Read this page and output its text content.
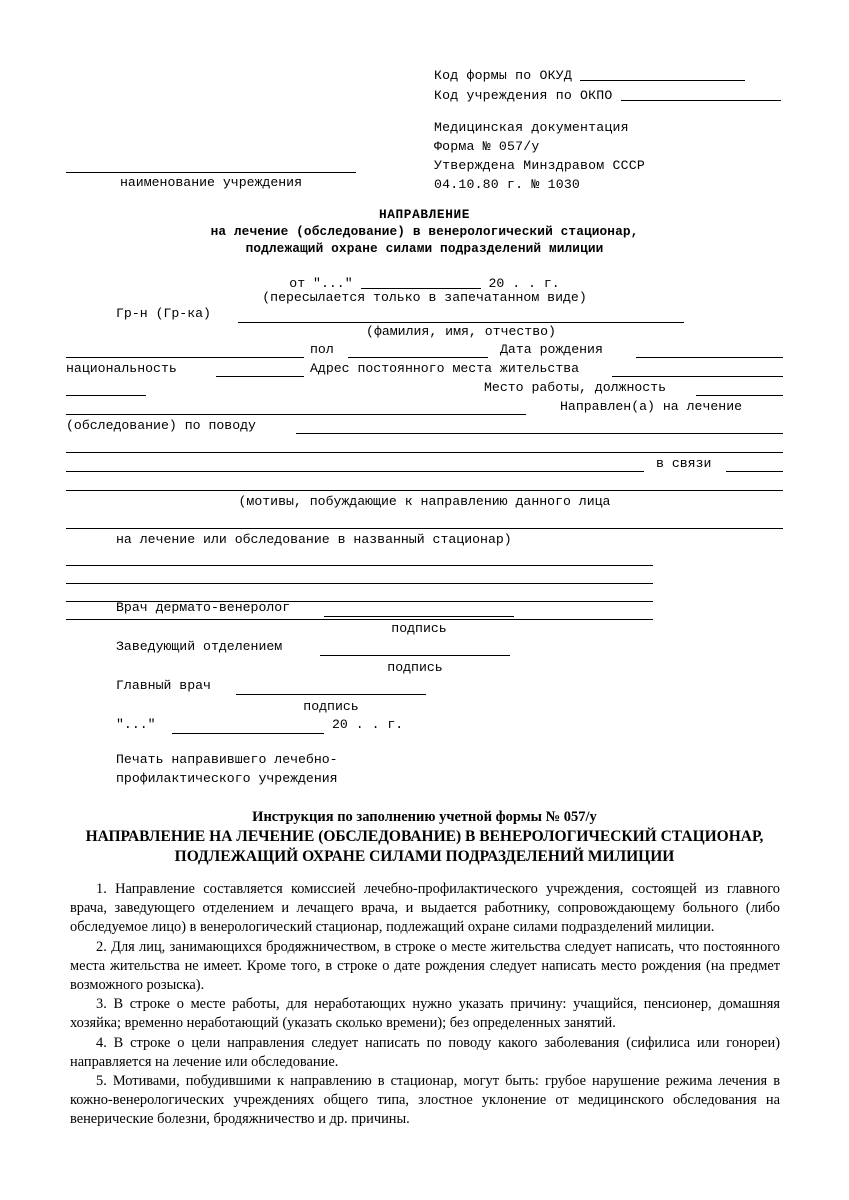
Код формы по ОКУД
Код учреждения по ОКПО
Медицинская документация
Форма № 057/у
Утверждена Минздравом СССР
04.10.80 г. № 1030
наименование учреждения
НАПРАВЛЕНИЕ
на лечение (обследование) в венерологический стационар,
подлежащий охране силами подразделений милиции
от "..."	20 . . г.
(пересылается только в запечатанном виде)
Гр-н (Гр-ка)
(фамилия, имя, отчество)
пол	Дата рождения
национальность	Адрес постоянного места жительства
Место работы, должность
Направлен(а) на лечение
(обследование) по поводу
в связи
(мотивы, побуждающие к направлению данного лица
на лечение или обследование в названный стационар)
Врач дермато-венеролог
подпись
Заведующий отделением
подпись
Главный врач
подпись
"..."	20 . . г.
Печать направившего лечебно-
профилактического учреждения
Инструкция по заполнению учетной формы № 057/у
НАПРАВЛЕНИЕ НА ЛЕЧЕНИЕ (ОБСЛЕДОВАНИЕ) В ВЕНЕРОЛОГИЧЕСКИЙ СТАЦИОНАР,
ПОДЛЕЖАЩИЙ ОХРАНЕ СИЛАМИ ПОДРАЗДЕЛЕНИЙ МИЛИЦИИ

1. Направление составляется комиссией лечебно-профилактического учреждения, состоящей из главного врача, заведующего отделением и лечащего врача, и выдается работнику, сопровождающему больного (либо обследуемое лицо) в венерологический стационар, подлежащий охране силами подразделений милиции.

2. Для лиц, занимающихся бродяжничеством, в строке о месте жительства следует написать, что постоянного места жительства не имеет. Кроме того, в строке о дате рождения следует написать место рождения (на предмет возможного розыска).

3. В строке о месте работы, для неработающих нужно указать причину: учащийся, пенсионер, домашняя хозяйка; временно неработающий (указать сколько времени); без определенных занятий.

4. В строке о цели направления следует написать по поводу какого заболевания (сифилиса или гонореи) направляется на лечение или обследование.

5. Мотивами, побудившими к направлению в стационар, могут быть: грубое нарушение режима лечения в кожно-венерологических учреждениях общего типа, злостное уклонение от медицинского обследования на венерические болезни, бродяжничество и др. причины.
